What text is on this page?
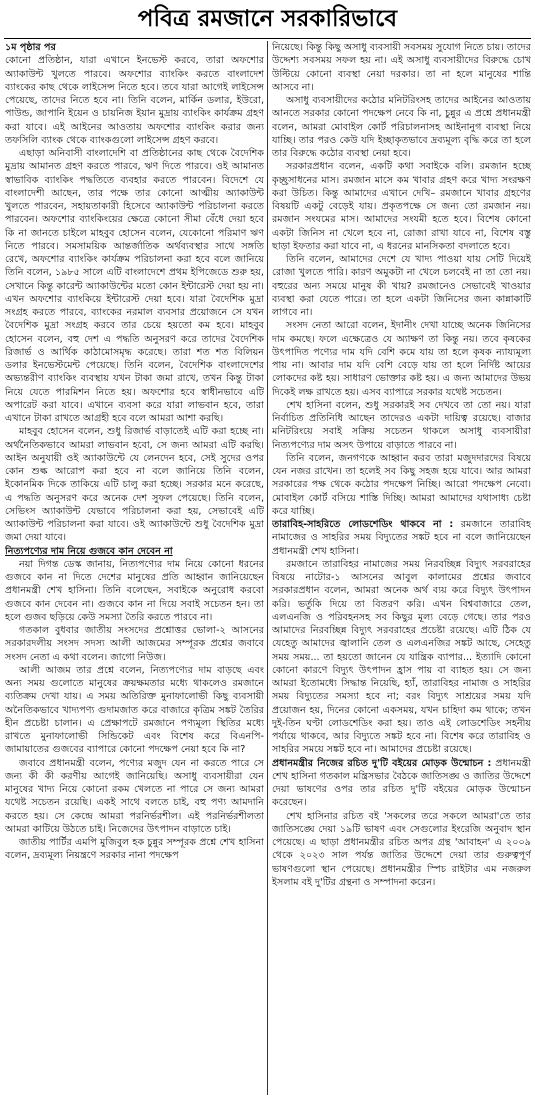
পবিত্র রমজানে সরকারিভাবে

১ম পৃষ্ঠার পর

কোনো প্রতিষ্ঠান, যারা এখানে ইনভেস্ট করবে, তারা অফশোর অ্যাকাউন্ট খুলতে পারবে। অফশোর ব্যাংকিং করতে বাংলাদেশ ব্যাংকের কাছ থেকে লাইসেন্স নিতে হবে। তবে যারা আগেই লাইসেন্স পেয়েছে, তাদের নিতে হবে না। তিনি বলেন, মার্কিন ডলার, ইউরো, পাউন্ড, জাপানি ইয়েন ও চায়নিজ ইয়ান মুদ্রায় ব্যাংকিং কার্যক্রম গ্রহণ করা যাবে। এই আইনের আওতায় অফশোর ব্যাংকিং করার জন্য তফসিলি ব্যাংক থেকে ব্যাংকগুলো লাইসেন্স গ্রহণ করবে।

এছাড়া অনিবাসী বাংলাদেশি বা প্রতিষ্ঠানের কাছ থেকে বৈদেশিক মুদ্রায় আমানত গ্রহণ করতে পারবে, ঋণ দিতে পারবে। ওই আমানত স্বাভাবিক ব্যাংকিং পদ্ধতিতে ব্যবহার করতে পারবেন। বিদেশে যে বাংলাদেশী আছেন, তার পক্ষে তার কোনো আত্মীয় অ্যাকাউন্ট খুলতে পারবেন, সহায়তাকারী হিসেবে অ্যাকাউন্ট পরিচালনা করতে পারবেন। অফশোর ব্যাংকিংয়ের ক্ষেত্রে কোনো সীমা বেঁধে দেয়া হবে কি না জানতে চাইলে মাহবুব হোসেন বলেন, যেকোনো পরিমাণ ঋণ নিতে পারবে। সমসাময়িক আন্তর্জাতিক অর্থব্যবস্থার সাথে সঙ্গতি রেখে, অফশোর ব্যাংকিং কার্যক্রম পরিচালনা করা হবে বলে জানিয়ে তিনি বলেন, ১৯৮৫ সালে এটি বাংলাদেশে প্রথম ইপিজেডে শুরু হয়, সেখানে কিন্তু কারেন্ট অ্যাকাউন্টের মতো কোন ইন্টারেস্ট দেয়া হয় না। এখন অফশোর ব্যাংকিয়ে ইন্টারেস্ট দেয়া হবে। যারা বৈদেশিক মুদ্রা সংগ্রহ করতে পারবে, ব্যাংকের নরমাল ব্যবসার প্রয়োজনে সে যখন বৈদেশিক মুদ্রা সংগ্রহ করবে তার চেয়ে হয়তো কম হবে। মাহবুব হোসেন বলেন, বহু দেশ এ পদ্ধতি অনুসরণ করে তাদের বৈদেশিক রিজার্ভ ও আর্থিক কাঠামোসমৃদ্ধ করেছে। তারা শত শত বিলিয়ন ডলার ইনভেস্টমেন্ট পেয়েছে। তিনি বলেন, বৈদেশিক বাংলাদেশের অভ্যন্তরীণ ব্যাংকিং ব্যবস্থায় যখন টাকা জমা রাখে, তখন কিন্তু টাকা নিয়ে যেতে পারমিশন নিতে হয়। অফশোর হবে স্বাধীনভাবে এটি অপারেট করা যাবে। এখানে ব্যবসা করে যারা লাভবান হবে, তারা এখানে টাকা রাখতে আগ্রহী হবে বলে আমরা আশা করছি।

মাহবুব হোসেন বলেন, শুধু রিজার্ভ বাড়াতেই এটি করা হচ্ছে না। অর্থনৈতিকভাবে আমরা লাভবান হবো, সে জন্য আমরা এটি করছি। আইন অনুযায়ী ওই অ্যাকাউন্টে যে লেনদেন হবে, সেই সুদের ওপর কোন শুল্ক আরোপ করা হবে না বলে জানিয়ে তিনি বলেন, ইকোনমিক দিকে তাকিয়ে এটি চালু করা হচ্ছে। সরকার মনে করেছে, এ পদ্ধতি অনুসরণ করে অনেক দেশ সুফল পেয়েছে। তিনি বলেন, সেভিংস অ্যাকাউন্ট যেভাবে পরিচালনা করা হয়, সেভাবেই এটি অ্যাকাউন্ট পরিচালনা করা যাবে। ওই অ্যাকাউন্টে শুধু বৈদেশিক মুদ্রা জমা দেয়া যাবে।

নিত্যপণ্যের দাম নিয়ে গুজবে কান দেবেন না

নয়া দিগন্ত ডেস্ক জানায়, নিত্যপণ্যের দাম নিয়ে কোনো ধরনের গুজবে কান না দিতে দেশের মানুষের প্রতি আহ্বান জানিয়েছেন প্রধানমন্ত্রী শেখ হাসিনা। তিনি বলেছেন, সবাইকে অনুরোধ করবো গুজবে কান দেবেন না। গুজবে কান না দিয়ে সবাই সচেতন হন। তা হলে গুজব ছড়িয়ে কেউ সমস্যা তৈরি করতে পারবে না।

গতকাল বুধবার জাতীয় সংসদের প্রশ্নোত্তর ভোলা-২ আসনের সরকারদলীয় সংসদ সদস্য আলী আজমের সম্পূরক প্রশ্নের জবাবে সংসদ নেতা এ কথা বলেন। জাগো নিউজ।

আলী আজম তার প্রশ্নে বলেন, নিত্যপণ্যের দাম বাড়ছে এবং অন্য সময় গুলোতে মানুষের ক্রয়ক্ষমতার মধ্যে থাকলেও রমজানে ব্যতিক্রম দেখা যায়। এ সময় অতিরিক্ত মুনাফালোভী কিছু ব্যবসায়ী অনৈতিকভাবে খাদ্যপণ্য গুদামজাত করে বাজারে কৃত্রিম সঙ্কট তৈরির হীন প্রচেষ্টা চালান। এ প্রেক্ষাপটে রমজানে পণ্যমূল্য স্থিতির মধ্যে রাখতে মুনাফালোভী সিন্ডিকেট এবং বিশেষ করে বিএনপি-জামায়াতের গুজবের ব্যাপারে কোনো পদক্ষেপ নেয়া হবে কি না?

জবাবে প্রধানমন্ত্রী বলেন, পণ্যের মজুদ যেন না করতে পারে সে জন্য কী কী করণীয় আগেই জানিয়েছি। অসাধু ব্যবসায়ীরা যেন মানুষের খাদ্য নিয়ে কোনো রকম খেলতে না পারে সে জন্য আমরা যথেষ্ট সচেতন রয়েছি। একই সাথে বলতে চাই, বহু পণ্য আমদানি করতে হয়। সে কেন্দ্রে আমরা পরনির্ভরশীল। এই পরনির্ভরশীলতা আমরা কাটিয়ে উঠতে চাই। নিজেদের উৎপাদন বাড়াতে চাই।

জাতীয় পার্টির এমপি মুজিবুল হক চুন্নুর সম্পূরক প্রশ্নে শেখ হাসিনা বলেন, দ্রব্যমূল্য নিয়ন্ত্রণে সরকার নানা পদক্ষেপ

নিয়েছে। কিন্তু কিছু অসাধু ব্যবসায়ী সবসময় সুযোগ নিতে চায়। তাদের উদ্দেশ্য সবসময় সফল হয় না। এই অসাধু ব্যবসায়ীদের বিরুদ্ধে চোখ উল্টিয়ে কোনো ব্যবস্থা নেয়া দরকার। তা না হলে মানুষের শান্তি আসবে না।

অসাধু ব্যবসায়ীদের কঠোর মনিটরিংসহ তাদের আইনের আওতায় আনতে সরকার কোনো পদক্ষেপ নেবে কি না, চুন্নুর এ প্রশ্নে প্রধানমন্ত্রী বলেন, আমরা মোবাইল কোর্ট পরিচালনাসহ আইনানুগ ব্যবস্থা নিয়ে যাচ্ছি। তার পরও কেউ যদি ইচ্ছাকৃতভাবে দ্রব্যমূল্য বৃদ্ধি করে তা হলে তার বিরুদ্ধে কঠোর ব্যবস্থা নেয়া হবে।

সরকারপ্রধান বলেন, একটি কথা সবাইকে বলি। রমজান হচ্ছে কৃচ্ছ্রসাধনের মাস। রমজান মাসে কম খাবার গ্রহণ করে খাদ্য সংরক্ষণ করা উচিত। কিন্তু আমাদের এখানে দেখি– রমজানে খাবার গ্রহণের বিষয়টি একটু বেড়েই যায়। প্রকৃতপক্ষে সে জন্য তো রমজান নয়। রমজান সংযমের মাস। আমাদের সংযমী হতে হবে। বিশেষ কোনো একটা জিনিস না খেলে হবে না, রোজা রাখা যাবে না, বিশেষ বস্তু ছাড়া ইফতার করা যাবে না, এ ধরনের মানসিকতা বদলাতে হবে।

তিনি বলেন, আমাদের দেশে যে খাদ্য পাওয়া যায় সেটি দিয়েই রোজা খুলতে পারি। কারণ অমুকটা না খেলে চলবেই না তা তো নয়। বহুরের অন্য সময়ে মানুষ কী খায়? রমজানেও সেভাবেই খাওয়ার ব্যবস্থা করা যেতে পারে। তা হলে একটা জিনিসের জন্য কান্নাকাটি লাগবে না।

সংসদ নেতা আরো বলেন, ইদানীং দেখা যাচ্ছে অনেক জিনিসের দাম কমছে। ফলে এক্ষেত্রেও যে অ্যাক্ষণ তা কিন্তু নয়। তবে কৃষকের উৎপাদিত পণ্যের দাম যদি বেশি কমে যায় তা হলে কৃষক ন্যায্যমূল্য পায় না। আবার দাম যদি বেশি বেড়ে যায় তা হলে নির্দিষ্ট আয়ের লোকদের কষ্ট হয়। সাধারণ ভোক্তার কষ্ট হয়। এ জন্য আমাদের উভয় দিকেই লক্ষ রাখতে হয়। এসব ব্যাপারে সরকার যথেষ্ট সচেতন।

শেখ হাসিনা বলেন, শুধু সরকারই সব দেখবে তা তো নয়। যারা নির্বাচিত প্রতিনিধি আছেন তাদেরও একটা দায়িত্ব রয়েছে। বাজার মনিটরিংয়ে সবাই সক্রিয় সচেতন থাকলে অসাধু ব্যবসায়ীরা নিত্যপণ্যের দাম অসৎ উপায়ে বাড়াতে পারবে না।

তিনি বলেন, জনগণকে আহ্বান করব তারা মজুদদারদের বিষয়ে যেন নজর রাখেন। তা হলেই সব কিছু সহজ হয়ে যাবে। আর আমরা সরকারের পক্ষ থেকে কঠোর পদক্ষেপ নিচ্ছি। আরো পদক্ষেপ নেবো। মোবাইল কোর্ট বসিয়ে শাস্তি দিচ্ছি। আমরা আমাদের যথাসাধ্য চেষ্টা করে যাচ্ছি।

তারাবিহ-সাহরিতে লোডশেডিং থাকবে না : রমজানে তারাবিহ নামাজের ও সাহরির সময় বিদ্যুতের সঙ্কট হবে না বলে জানিয়েছেন প্রধানমন্ত্রী শেখ হাসিনা।

রমজানে তারাবিহর নামাজের সময় নিরবচ্ছিন্ন বিদ্যুৎ সরবরাহের বিষয়ে নাটোর-১ আসনের আবুল কালামের প্রশ্নের জবাবে সরকারপ্রধান বলেন, আমরা অনেক অর্থ ব্যয় করে বিদ্যুৎ উৎপাদন করি। ভর্তুকি দিয়ে তা বিতরণ করি। এখন বিশ্ববাজারে তেল, এলএনজি ও পরিবহনসহ সব কিছুর মূল্য বেড়ে গেছে। তার পরও আমাদের নিরবচ্ছিন্ন বিদ্যুৎ সরবরাহের প্রচেষ্টা রয়েছে। এটি ঠিক যে যেহেতু আমাদের জ্বালানি তেল ও এলএনজির সঙ্কট আছে, সেহেতু সময় সময়... তা হয়তো জানেন যে যান্ত্রিক ব্যাপার... ইত্যাদি কোনো কোনো কারণে বিদ্যুৎ উৎপাদন হ্রাস পায় বা ব্যাহত হয়। সে জন্য আমরা ইতোমধ্যে সিদ্ধান্ত নিয়েছি, হ্যাঁ, তারাবিহর নামাজ ও সাহরির সময় বিদ্যুতের সমস্যা হবে না; বরং বিদ্যুৎ সাশ্রয়ের সময় যদি প্রয়োজন হয়, দিনের কোনো একসময়, যখন চাহিদা কম থাকে; তখন দুই-তিন ঘণ্টা লোডশেডিং করা হয়। তাও এই লোডশেডিং সহনীয় পর্যায়ে থাকবে, আর বিদ্যুতে সঙ্কট হবে না। বিশেষ করে তারাবিহ ও সাহরির সময়ে সঙ্কট হবে না। আমাদের প্রচেষ্টা রয়েছে।

প্রধানমন্ত্রীর নিজের রচিত দু'টি বইয়ের মোড়ক উন্মোচন : প্রধানমন্ত্রী শেখ হাসিনা গতকাল মন্ত্রিসভার বৈঠকে জাতিসঙ্ঘ ও জাতির উদ্দেশে দেয়া ভাষণের ওপর তার রচিত দু'টি বইয়ের মোড়ক উন্মোচন করেছেন।

শেখ হাসিনার রচিত বই 'সকলের তরে সকলে আমরা'তে তার জাতিসঙ্ঘে দেয়া ১৯টি ভাষণ এবং সেগুলোর ইংরেজি অনুবাদ স্থান পেয়েছে। এ ছাড়া প্রধানমন্ত্রীর রচিত অপর গ্রন্থ 'আবাহন' এ ২০০৯ থেকে ২০২৩ সাল পর্যন্ত জাতির উদ্দেশে দেয়া তার গুরুত্বপূর্ণ ভাষণগুলো স্থান পেয়েছে। প্রধানমন্ত্রীর স্পিচ রাইটার এম নজরুল ইসলাম বই দু'টির গ্রন্থনা ও সম্পাদনা করেন।
